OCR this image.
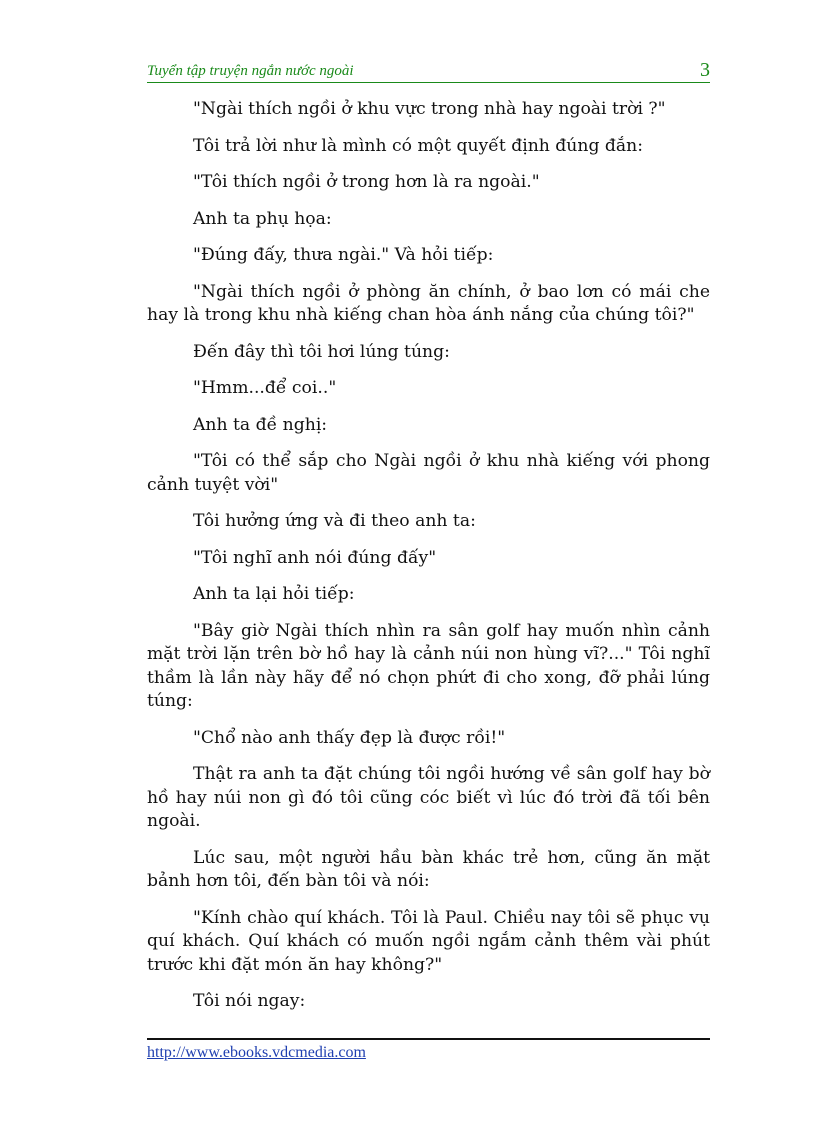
Tuyển tập truyện ngắn nước ngoài	3

"Ngài thích ngồi ở khu vực trong nhà hay ngoài trời ?"

Tôi trả lời như là mình có một quyết định đúng đắn:

"Tôi thích ngồi ở trong hơn là ra ngoài."

Anh ta phụ họa:

"Đúng đấy, thưa ngài." Và hỏi tiếp:

"Ngài thích ngồi ở phòng ăn chính, ở bao lơn có mái che hay là trong khu nhà kiếng chan hòa ánh nắng của chúng tôi?"

Đến đây thì tôi hơi lúng túng:

"Hmm...để coi.."

Anh ta đề nghị:

"Tôi có thể sắp cho Ngài ngồi ở khu nhà kiếng với phong cảnh tuyệt vời"

Tôi hưởng ứng và đi theo anh ta:

"Tôi nghĩ anh nói đúng đấy"

Anh ta lại hỏi tiếp:

"Bây giờ Ngài thích nhìn ra sân golf hay muốn nhìn cảnh mặt trời lặn trên bờ hồ hay là cảnh núi non hùng vĩ?..." Tôi nghĩ thầm là lần này hãy để nó chọn phứt đi cho xong, đỡ phải lúng túng:

"Chổ nào anh thấy đẹp là được rồi!"

Thật ra anh ta đặt chúng tôi ngồi hướng về sân golf hay bờ hồ hay núi non gì đó tôi cũng cóc biết vì lúc đó trời đã tối bên ngoài.

Lúc sau, một người hầu bàn khác trẻ hơn, cũng ăn mặt bảnh hơn tôi, đến bàn tôi và nói:

"Kính chào quí khách. Tôi là Paul. Chiều nay tôi sẽ phục vụ quí khách. Quí khách có muốn ngồi ngắm cảnh thêm vài phút trước khi đặt món ăn hay không?"

Tôi nói ngay:

http://www.ebooks.vdcmedia.com
